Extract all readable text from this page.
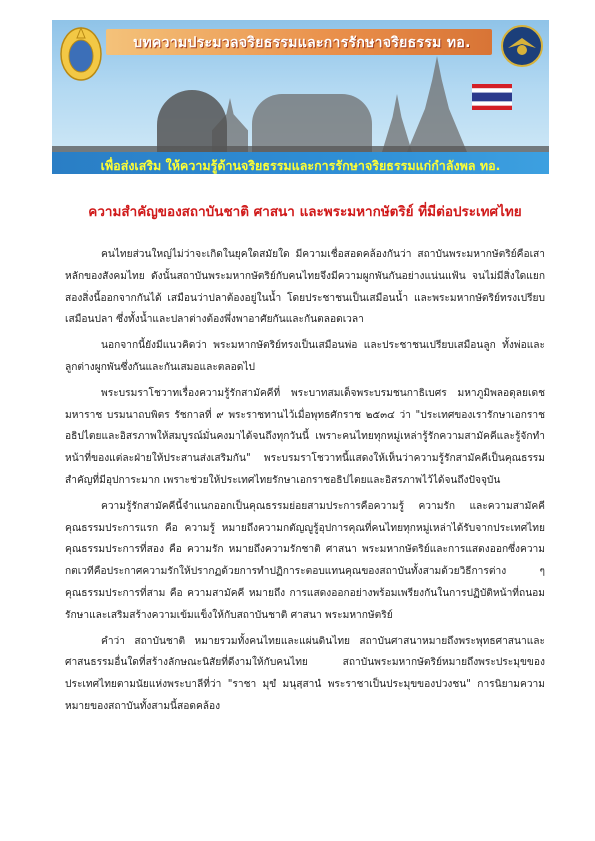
บทความประมวลจริยธรรมและการรักษาจริยธรรม ทอ.
เพื่อส่งเสริม ให้ความรู้ด้านจริยธรรมและการรักษาจริยธรรมแก่กำลังพล ทอ.
ความสำคัญของสถาบันชาติ ศาสนา และพระมหากษัตริย์ ที่มีต่อประเทศไทย

คนไทยส่วนใหญ่ไม่ว่าจะเกิดในยุคใดสมัยใด มีความเชื่อสอดคล้องกันว่า สถาบันพระมหากษัตริย์คือเสาหลักของสังคมไทย ดังนั้นสถาบันพระมหากษัตริย์กับคนไทยจึงมีความผูกพันกันอย่างแน่นแฟ้น จนไม่มีสิ่งใดแยกสองสิ่งนี้ออกจากกันได้ เสมือนว่าปลาต้องอยู่ในน้ำ โดยประชาชนเป็นเสมือนน้ำ และพระมหากษัตริย์ทรงเปรียบเสมือนปลา ซึ่งทั้งน้ำและปลาต่างต้องพึ่งพาอาศัยกันและกันตลอดเวลา

นอกจากนี้ยังมีแนวคิดว่า พระมหากษัตริย์ทรงเป็นเสมือนพ่อ และประชาชนเปรียบเสมือนลูก ทั้งพ่อและลูกต่างผูกพันซึ่งกันและกันเสมอและตลอดไป

พระบรมราโชวาทเรื่องความรู้รักสามัคคีที่ พระบาทสมเด็จพระบรมชนกาธิเบศร มหาภูมิพลอดุลยเดชมหาราช บรมนาถบพิตร รัชกาลที่ ๙ พระราชทานไว้เมื่อพุทธศักราช ๒๕๓๔ ว่า "ประเทศของเรารักษาเอกราชอธิปไตยและอิสรภาพให้สมบูรณ์มั่นคงมาได้จนถึงทุกวันนี้ เพราะคนไทยทุกหมู่เหล่ารู้รักความสามัคคีและรู้จักทำหน้าที่ของแต่ละฝ่ายให้ประสานส่งเสริมกัน" พระบรมราโชวาทนี้แสดงให้เห็นว่าความรู้รักสามัคคีเป็นคุณธรรมสำคัญที่มีอุปการะมาก เพราะช่วยให้ประเทศไทยรักษาเอกราชอธิปไตยและอิสรภาพไว้ได้จนถึงปัจจุบัน

ความรู้รักสามัคคีนี้จำแนกออกเป็นคุณธรรมย่อยสามประการคือความรู้ ความรัก และความสามัคคี คุณธรรมประการแรก คือ ความรู้ หมายถึงความกตัญญูรู้อุปการคุณที่คนไทยทุกหมู่เหล่าได้รับจากประเทศไทย คุณธรรมประการที่สอง คือ ความรัก หมายถึงความรักชาติ ศาสนา พระมหากษัตริย์และการแสดงออกซึ่งความกตเวทีคือประกาศความรักให้ปรากฏด้วยการทำปฏิการะตอบแทนคุณของสถาบันทั้งสามด้วยวิธีการต่าง ๆ คุณธรรมประการที่สาม คือ ความสามัคคี หมายถึง การแสดงออกอย่างพร้อมเพรียงกันในการปฏิบัติหน้าที่ถนอมรักษาและเสริมสร้างความเข้มแข็งให้กับสถาบันชาติ ศาสนา พระมหากษัตริย์

คำว่า สถาบันชาติ หมายรวมทั้งคนไทยและแผ่นดินไทย สถาบันศาสนาหมายถึงพระพุทธศาสนาและศาสนธรรมอื่นใดที่สร้างลักษณะนิสัยที่ดีงามให้กับคนไทย สถาบันพระมหากษัตริย์หมายถึงพระประมุขของประเทศไทยตามนัยแห่งพระบาลีที่ว่า "ราชา มุขํ มนุสฺสานํ พระราชาเป็นประมุขของปวงชน" การนิยามความหมายของสถาบันทั้งสามนี้สอดคล้อง
